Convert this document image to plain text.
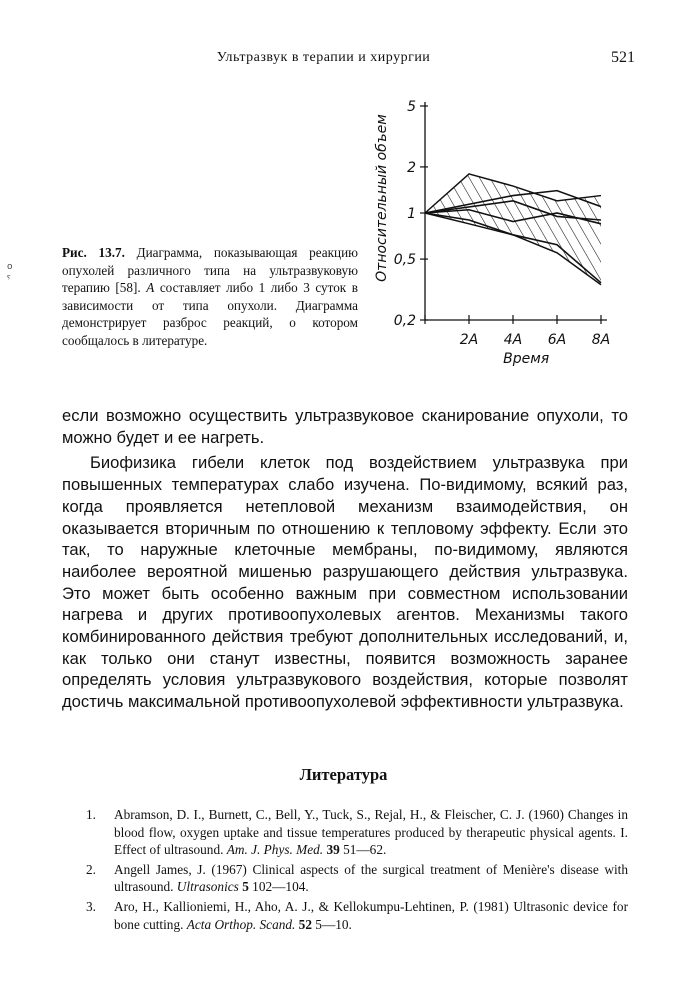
Ультразвук в терапии и хирургии	521
о
ⲋ
Рис. 13.7. Диаграмма, показывающая реакцию опухолей различного типа на ультразвуковую терапию [58]. А составляет либо 1 либо 3 суток в зависимости от типа опухоли. Диаграмма демонстрирует разброс реакций, о котором сообщалось в литературе.
0,2
0,5
1
2
5
2A 4A 6A 8A
Время
Относительный объем

если возможно осуществить ультразвуковое сканирование опухоли, то можно будет и ее нагреть.

Биофизика гибели клеток под воздействием ультразвука при повышенных температурах слабо изучена. По-видимому, всякий раз, когда проявляется нетепловой механизм взаимодействия, он оказывается вторичным по отношению к тепловому эффекту. Если это так, то наружные клеточные мембраны, по-видимому, являются наиболее вероятной мишенью разрушающего действия ультразвука. Это может быть особенно важным при совместном использовании нагрева и других противоопухолевых агентов. Механизмы такого комбинированного действия требуют дополнительных исследований, и, как только они станут известны, появится возможность заранее определять условия ультразвукового воздействия, которые позволят достичь максимальной противоопухолевой эффективности ультразвука.

Литература
1. Abramson, D. I., Burnett, C., Bell, Y., Tuck, S., Rejal, H., & Fleischer, C. J. (1960) Changes in blood flow, oxygen uptake and tissue temperatures produced by therapeutic physical agents. I. Effect of ultrasound. Am. J. Phys. Med. 39 51—62.
2. Angell James, J. (1967) Clinical aspects of the surgical treatment of Menière's disease with ultrasound. Ultrasonics 5 102—104.
3. Aro, H., Kallioniemi, H., Aho, A. J., & Kellokumpu-Lehtinen, P. (1981) Ultrasonic device for bone cutting. Acta Orthop. Scand. 52 5—10.
